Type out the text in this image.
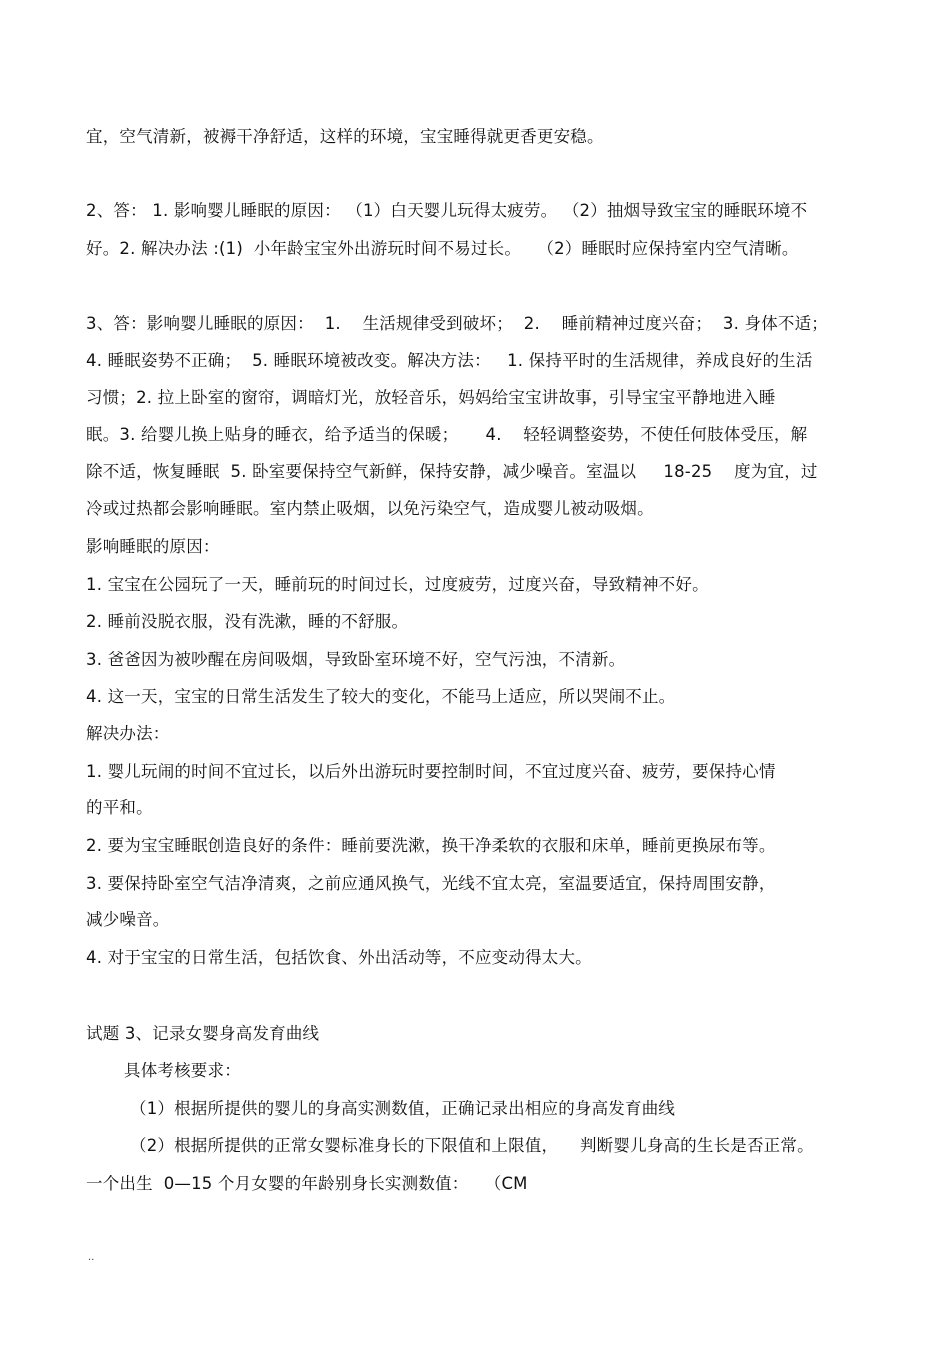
宜，空气清新，被褥干净舒适，这样的环境，宝宝睡得就更香更安稳。
2、答： 1. 影响婴儿睡眠的原因： （1）白天婴儿玩得太疲劳。 （2）抽烟导致宝宝的睡眠环境不
好。2. 解决办法 :(1)  小年龄宝宝外出游玩时间不易过长。   （2）睡眠时应保持室内空气清晰。
3、答：影响婴儿睡眠的原因：  1.    生活规律受到破坏；  2.    睡前精神过度兴奋；  3. 身体不适；
4. 睡眠姿势不正确；  5. 睡眠环境被改变。解决方法：   1. 保持平时的生活规律，养成良好的生活
习惯；2. 拉上卧室的窗帘，调暗灯光，放轻音乐，妈妈给宝宝讲故事，引导宝宝平静地进入睡
眠。3. 给婴儿换上贴身的睡衣，给予适当的保暖；     4.    轻轻调整姿势，不使任何肢体受压，解
除不适，恢复睡眠  5. 卧室要保持空气新鲜，保持安静，减少噪音。室温以     18-25    度为宜，过
冷或过热都会影响睡眠。室内禁止吸烟，以免污染空气，造成婴儿被动吸烟。
影响睡眠的原因：
1. 宝宝在公园玩了一天，睡前玩的时间过长，过度疲劳，过度兴奋，导致精神不好。
2. 睡前没脱衣服，没有洗漱，睡的不舒服。
3. 爸爸因为被吵醒在房间吸烟，导致卧室环境不好，空气污浊，不清新。
4. 这一天，宝宝的日常生活发生了较大的变化，不能马上适应，所以哭闹不止。
解决办法：
1. 婴儿玩闹的时间不宜过长，以后外出游玩时要控制时间，不宜过度兴奋、疲劳，要保持心情
的平和。
2. 要为宝宝睡眠创造良好的条件：睡前要洗漱，换干净柔软的衣服和床单，睡前更换尿布等。
3. 要保持卧室空气洁净清爽，之前应通风换气，光线不宜太亮，室温要适宜，保持周围安静，
减少噪音。
4. 对于宝宝的日常生活，包括饮食、外出活动等，不应变动得太大。
试题 3、记录女婴身高发育曲线
具体考核要求：
（1）根据所提供的婴儿的身高实测数值，正确记录出相应的身高发育曲线
（2）根据所提供的正常女婴标准身长的下限值和上限值，    判断婴儿身高的生长是否正常。
一个出生  0—15 个月女婴的年龄别身长实测数值：   （CM
..
